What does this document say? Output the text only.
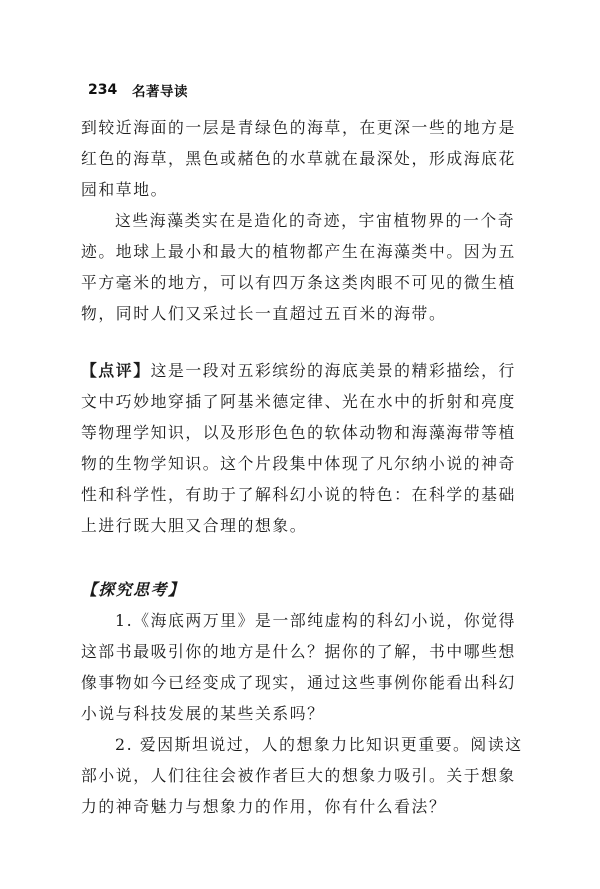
234	名著导读
到较近海面的一层是青绿色的海草，在更深一些的地方是
红色的海草，黑色或赭色的水草就在最深处，形成海底花
园和草地。
这些海藻类实在是造化的奇迹，宇宙植物界的一个奇
迹。地球上最小和最大的植物都产生在海藻类中。因为五
平方毫米的地方，可以有四万条这类肉眼不可见的微生植
物，同时人们又采过长一直超过五百米的海带。
【点评】这是一段对五彩缤纷的海底美景的精彩描绘，行
文中巧妙地穿插了阿基米德定律、光在水中的折射和亮度
等物理学知识，以及形形色色的软体动物和海藻海带等植
物的生物学知识。这个片段集中体现了凡尔纳小说的神奇
性和科学性，有助于了解科幻小说的特色：在科学的基础
上进行既大胆又合理的想象。
【探究思考】
1.《海底两万里》是一部纯虚构的科幻小说，你觉得
这部书最吸引你的地方是什么？据你的了解，书中哪些想
像事物如今已经变成了现实，通过这些事例你能看出科幻
小说与科技发展的某些关系吗？
2. 爱因斯坦说过，人的想象力比知识更重要。阅读这
部小说，人们往往会被作者巨大的想象力吸引。关于想象
力的神奇魅力与想象力的作用，你有什么看法？
